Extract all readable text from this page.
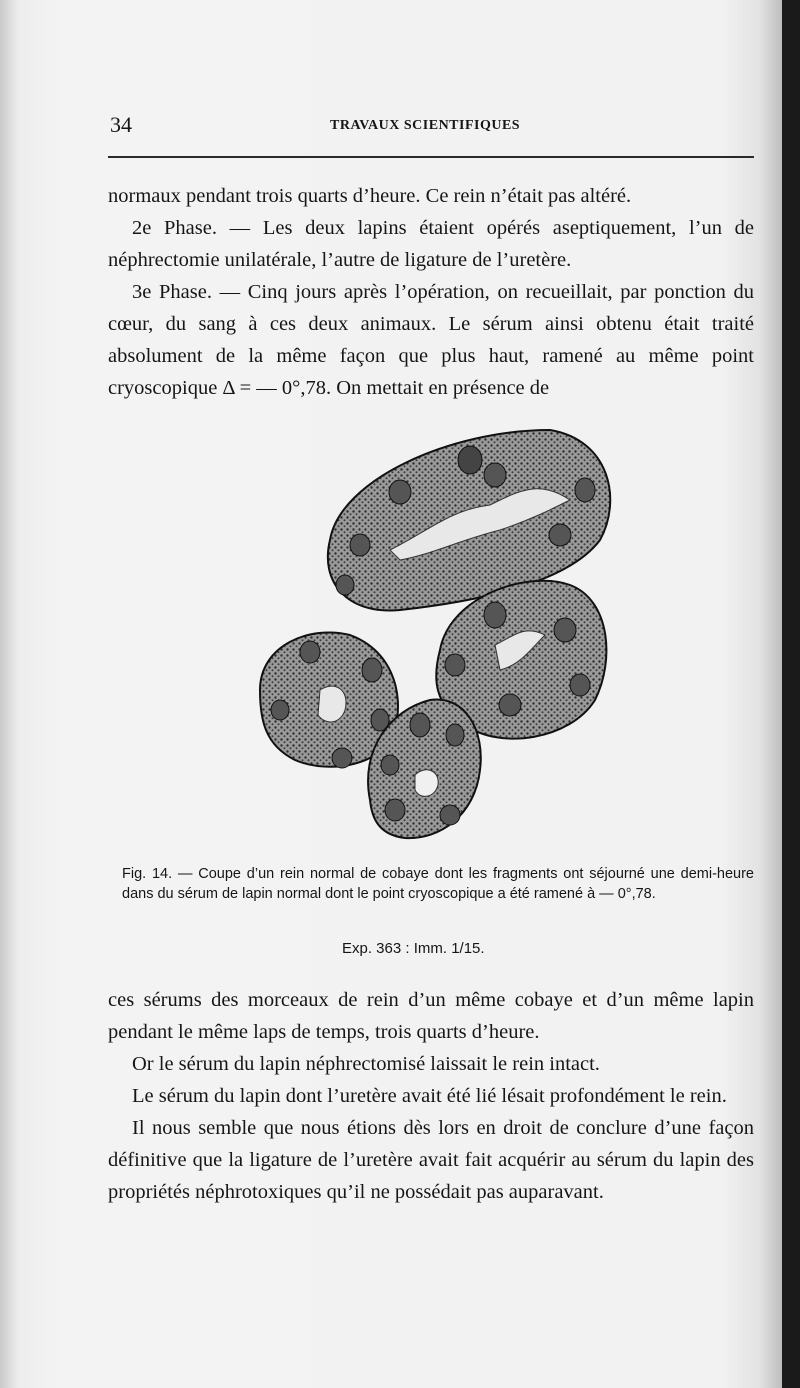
34	TRAVAUX SCIENTIFIQUES

normaux pendant trois quarts d’heure. Ce rein n’était pas altéré.

2e Phase. — Les deux lapins étaient opérés aseptiquement, l’un de néphrectomie unilatérale, l’autre de ligature de l’uretère.

3e Phase. — Cinq jours après l’opération, on recueillait, par ponction du cœur, du sang à ces deux animaux. Le sérum ainsi obtenu était traité absolument de la même façon que plus haut, ramené au même point cryoscopique Δ = — 0°,78. On mettait en présence de

Fig. 14. — Coupe d’un rein normal de cobaye dont les fragments ont séjourné une demi-heure dans du sérum de lapin normal dont le point cryoscopique a été ramené à — 0°,78.

Exp. 363 : Imm. 1/15.

ces sérums des morceaux de rein d’un même cobaye et d’un même lapin pendant le même laps de temps, trois quarts d’heure.

Or le sérum du lapin néphrectomisé laissait le rein intact.

Le sérum du lapin dont l’uretère avait été lié lésait profondément le rein.

Il nous semble que nous étions dès lors en droit de conclure d’une façon définitive que la ligature de l’uretère avait fait acquérir au sérum du lapin des propriétés néphrotoxiques qu’il ne possédait pas auparavant.
